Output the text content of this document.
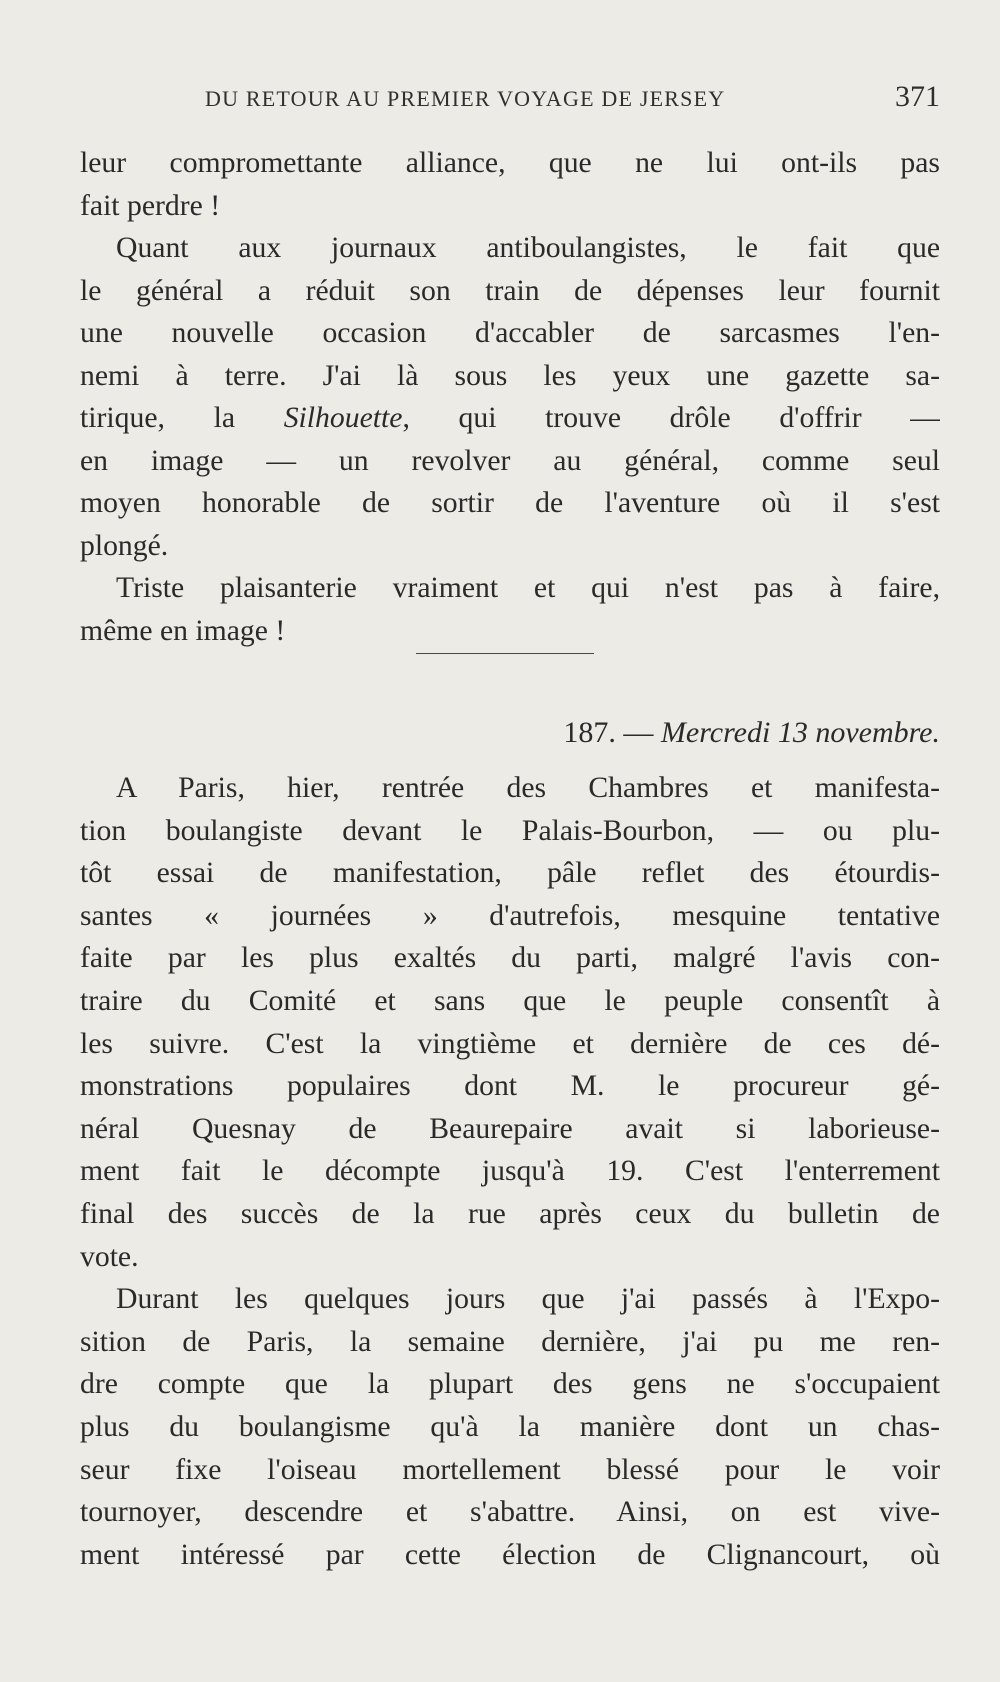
DU RETOUR AU PREMIER VOYAGE DE JERSEY	371
leur compromettante alliance, que ne lui ont-ils pas
fait perdre !
Quant aux journaux antiboulangistes, le fait que
le général a réduit son train de dépenses leur fournit
une nouvelle occasion d'accabler de sarcasmes l'en-
nemi à terre. J'ai là sous les yeux une gazette sa-
tirique, la Silhouette, qui trouve drôle d'offrir —
en image — un revolver au général, comme seul
moyen honorable de sortir de l'aventure où il s'est
plongé.
Triste plaisanterie vraiment et qui n'est pas à faire,
même en image !
187. — Mercredi 13 novembre.
A Paris, hier, rentrée des Chambres et manifesta-
tion boulangiste devant le Palais-Bourbon, — ou plu-
tôt essai de manifestation, pâle reflet des étourdis-
santes « journées » d'autrefois, mesquine tentative
faite par les plus exaltés du parti, malgré l'avis con-
traire du Comité et sans que le peuple consentît à
les suivre. C'est la vingtième et dernière de ces dé-
monstrations populaires dont M. le procureur gé-
néral Quesnay de Beaurepaire avait si laborieuse-
ment fait le décompte jusqu'à 19. C'est l'enterrement
final des succès de la rue après ceux du bulletin de
vote.
Durant les quelques jours que j'ai passés à l'Expo-
sition de Paris, la semaine dernière, j'ai pu me ren-
dre compte que la plupart des gens ne s'occupaient
plus du boulangisme qu'à la manière dont un chas-
seur fixe l'oiseau mortellement blessé pour le voir
tournoyer, descendre et s'abattre. Ainsi, on est vive-
ment intéressé par cette élection de Clignancourt, où
